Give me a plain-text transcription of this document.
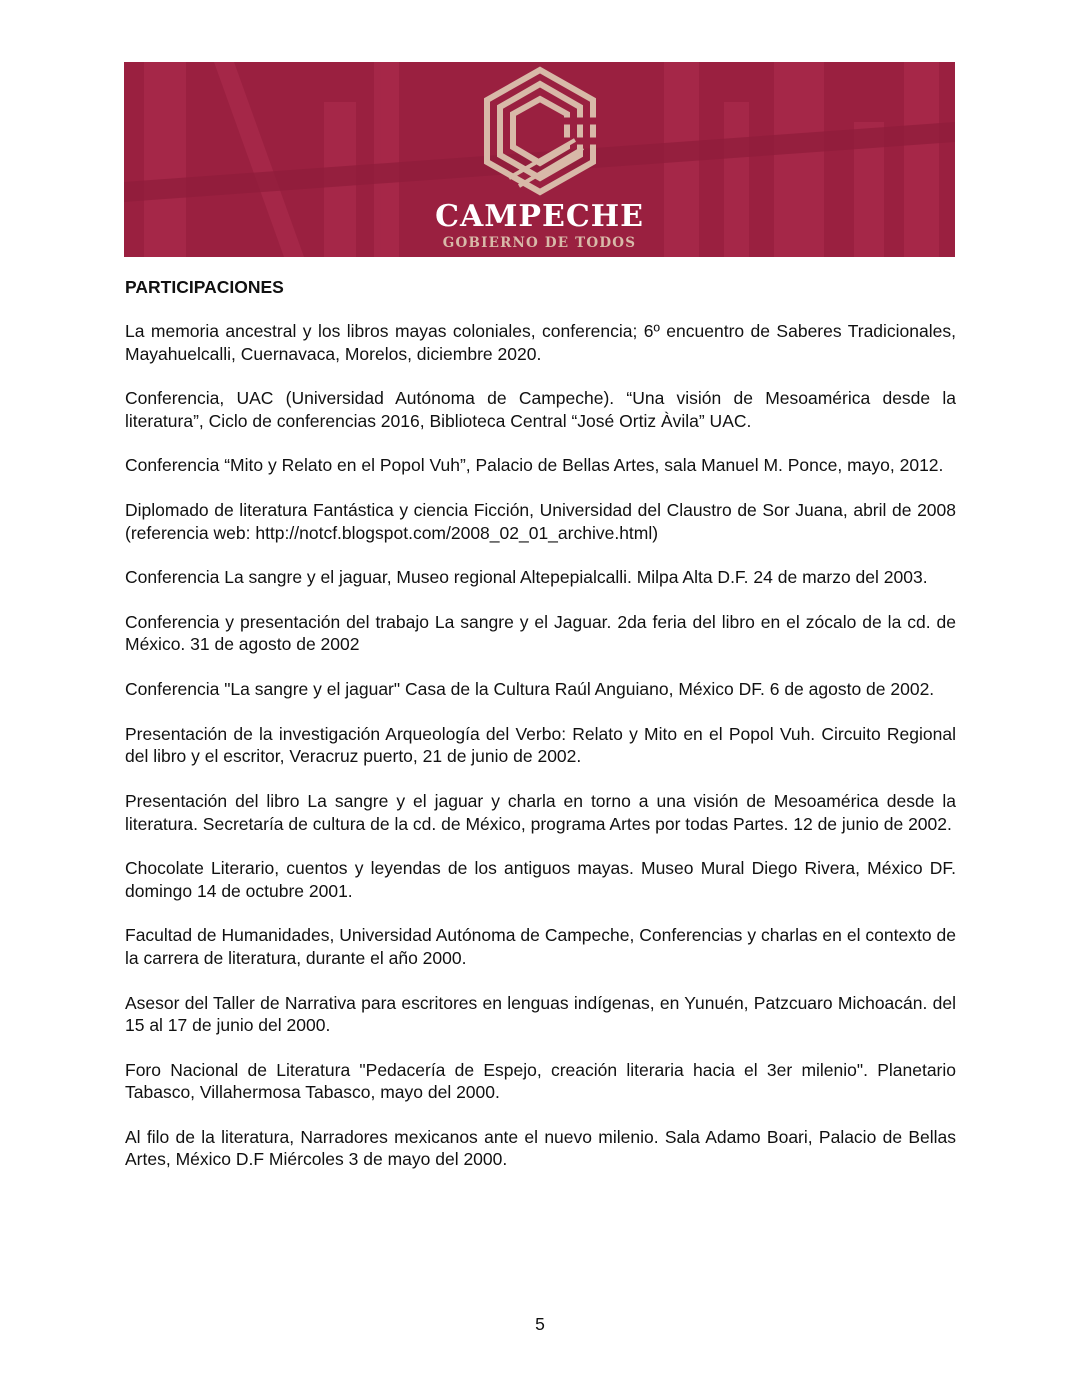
CAMPECHE
GOBIERNO DE TODOS
PARTICIPACIONES

La memoria ancestral y los libros mayas coloniales, conferencia; 6º encuentro de Saberes Tradicionales, Mayahuelcalli, Cuernavaca, Morelos, diciembre 2020.

Conferencia, UAC (Universidad Autónoma de Campeche). “Una visión de Mesoamérica desde la literatura”, Ciclo de conferencias 2016, Biblioteca Central “José Ortiz Àvila” UAC.

Conferencia “Mito y Relato en el Popol Vuh”, Palacio de Bellas Artes, sala Manuel M. Ponce, mayo, 2012.

Diplomado de literatura Fantástica y ciencia Ficción, Universidad del Claustro de Sor Juana, abril de 2008 (referencia web: http://notcf.blogspot.com/2008_02_01_archive.html)

Conferencia La sangre y el jaguar, Museo regional Altepepialcalli. Milpa Alta D.F. 24 de marzo del 2003.

Conferencia y presentación del trabajo La sangre y el Jaguar. 2da feria del libro en el zócalo de la cd. de México. 31 de agosto de 2002

Conferencia "La sangre y el jaguar" Casa de la Cultura Raúl Anguiano, México DF. 6 de agosto de 2002.

Presentación de la investigación Arqueología del Verbo: Relato y Mito en el Popol Vuh. Circuito Regional del libro y el escritor, Veracruz puerto, 21 de junio de 2002.

Presentación del libro La sangre y el jaguar y charla en torno a una visión de Mesoamérica desde la literatura. Secretaría de cultura de la cd. de México, programa Artes por todas Partes. 12 de junio de 2002.

Chocolate Literario, cuentos y leyendas de los antiguos mayas. Museo Mural Diego Rivera, México DF. domingo 14 de octubre 2001.

Facultad de Humanidades, Universidad Autónoma de Campeche, Conferencias y charlas en el contexto de la carrera de literatura, durante el año 2000.

Asesor del Taller de Narrativa para escritores en lenguas indígenas, en Yunuén, Patzcuaro Michoacán. del 15 al 17 de junio del 2000.

Foro Nacional de Literatura "Pedacería de Espejo, creación literaria hacia el 3er milenio". Planetario Tabasco, Villahermosa Tabasco, mayo del 2000.

Al filo de la literatura, Narradores mexicanos ante el nuevo milenio. Sala Adamo Boari, Palacio de Bellas Artes, México D.F Miércoles 3 de mayo del 2000.

5
